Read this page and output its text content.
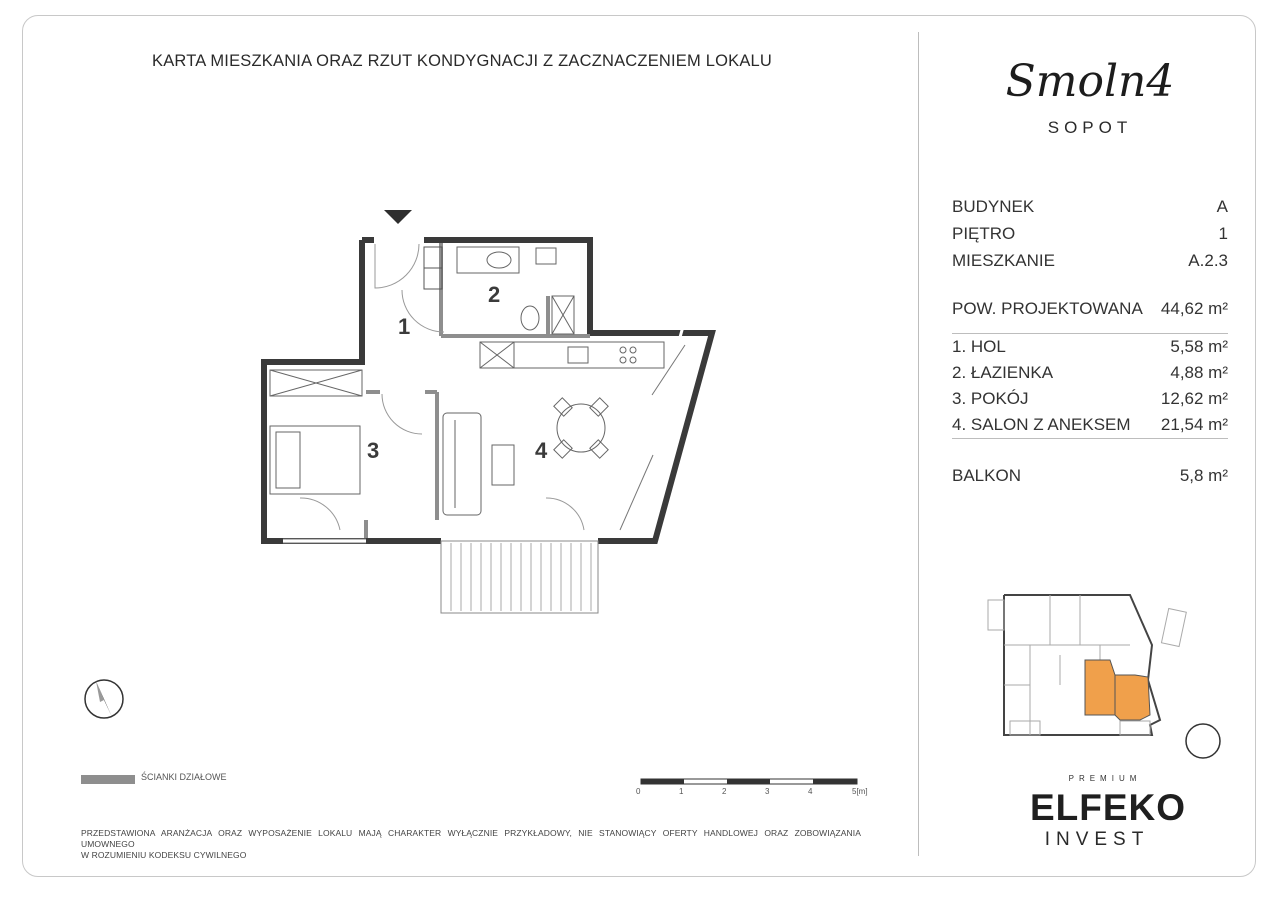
KARTA MIESZKANIA ORAZ RZUT KONDYGNACJI Z ZACZNACZENIEM LOKALU
1
2
3	4
0	1	2	3	4	5[m]
Smoln4
SOPOT
BUDYNEK	A
PIĘTRO	1
MIESZKANIE	A.2.3
POW. PROJEKTOWANA 44,62 m²
1. HOL	5,58 m²
2. ŁAZIENKA	4,88 m²
3. POKÓJ	12,62 m²
4. SALON Z ANEKSEM 21,54 m²
BALKON	5,8 m²
ŚCIANKI DZIAŁOWE
PRZEDSTAWIONA ARANŻACJA ORAZ WYPOSAŻENIE LOKALU MAJĄ CHARAKTER WYŁĄCZNIE PRZYKŁADOWY, NIE STANOWIĄCY OFERTY HANDLOWEJ ORAZ ZOBOWIĄZANIA UMOWNEGO
W ROZUMIENIU KODEKSU CYWILNEGO
PREMIUM
ELFEKO
INVEST
